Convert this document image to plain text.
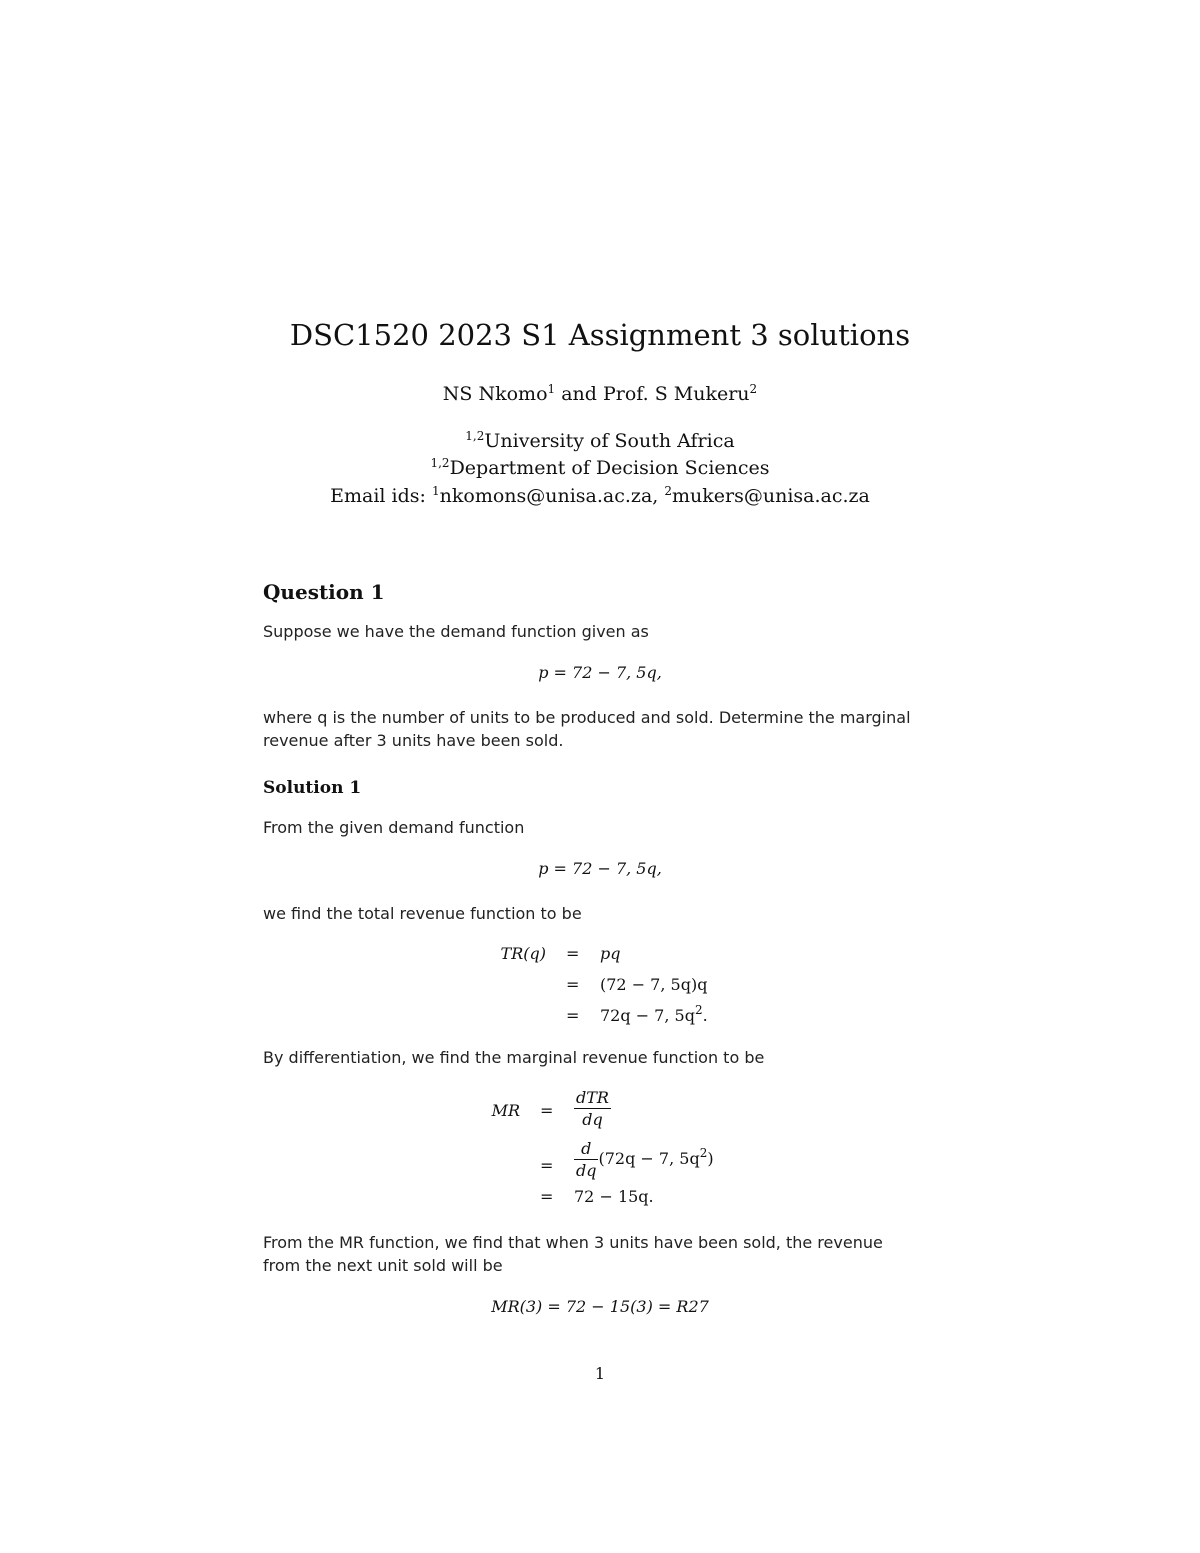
DSC1520 2023 S1 Assignment 3 solutions
NS Nkomo$^1$ and Prof. S Mukeru$^2$
$^{1,2}$University of South Africa
$^{1,2}$Department of Decision Sciences
Email ids: $^1$nkomons@unisa.ac.za, $^2$mukers@unisa.ac.za
Question 1
Suppose we have the demand function given as
p = 72 − 7, 5q,
where q is the number of units to be produced and sold. Determine the marginal
revenue after 3 units have been sold.
Solution 1
From the given demand function
p = 72 − 7, 5q,
we find the total revenue function to be
TR(q) = pq
= (72 − 7, 5q)q
= 72q − 7, $5q^2$.
By differentiation, we find the marginal revenue function to be
MR = $\frac{\text{dTR}}{dq}$
= $\frac{d}{dq} (72q - 7$, $5q^2$)
= 72 − 15q.
From the MR function, we find that when 3 units have been sold, the revenue
from the next unit sold will be
MR(3) = 72 − 15(3) = R27
1
